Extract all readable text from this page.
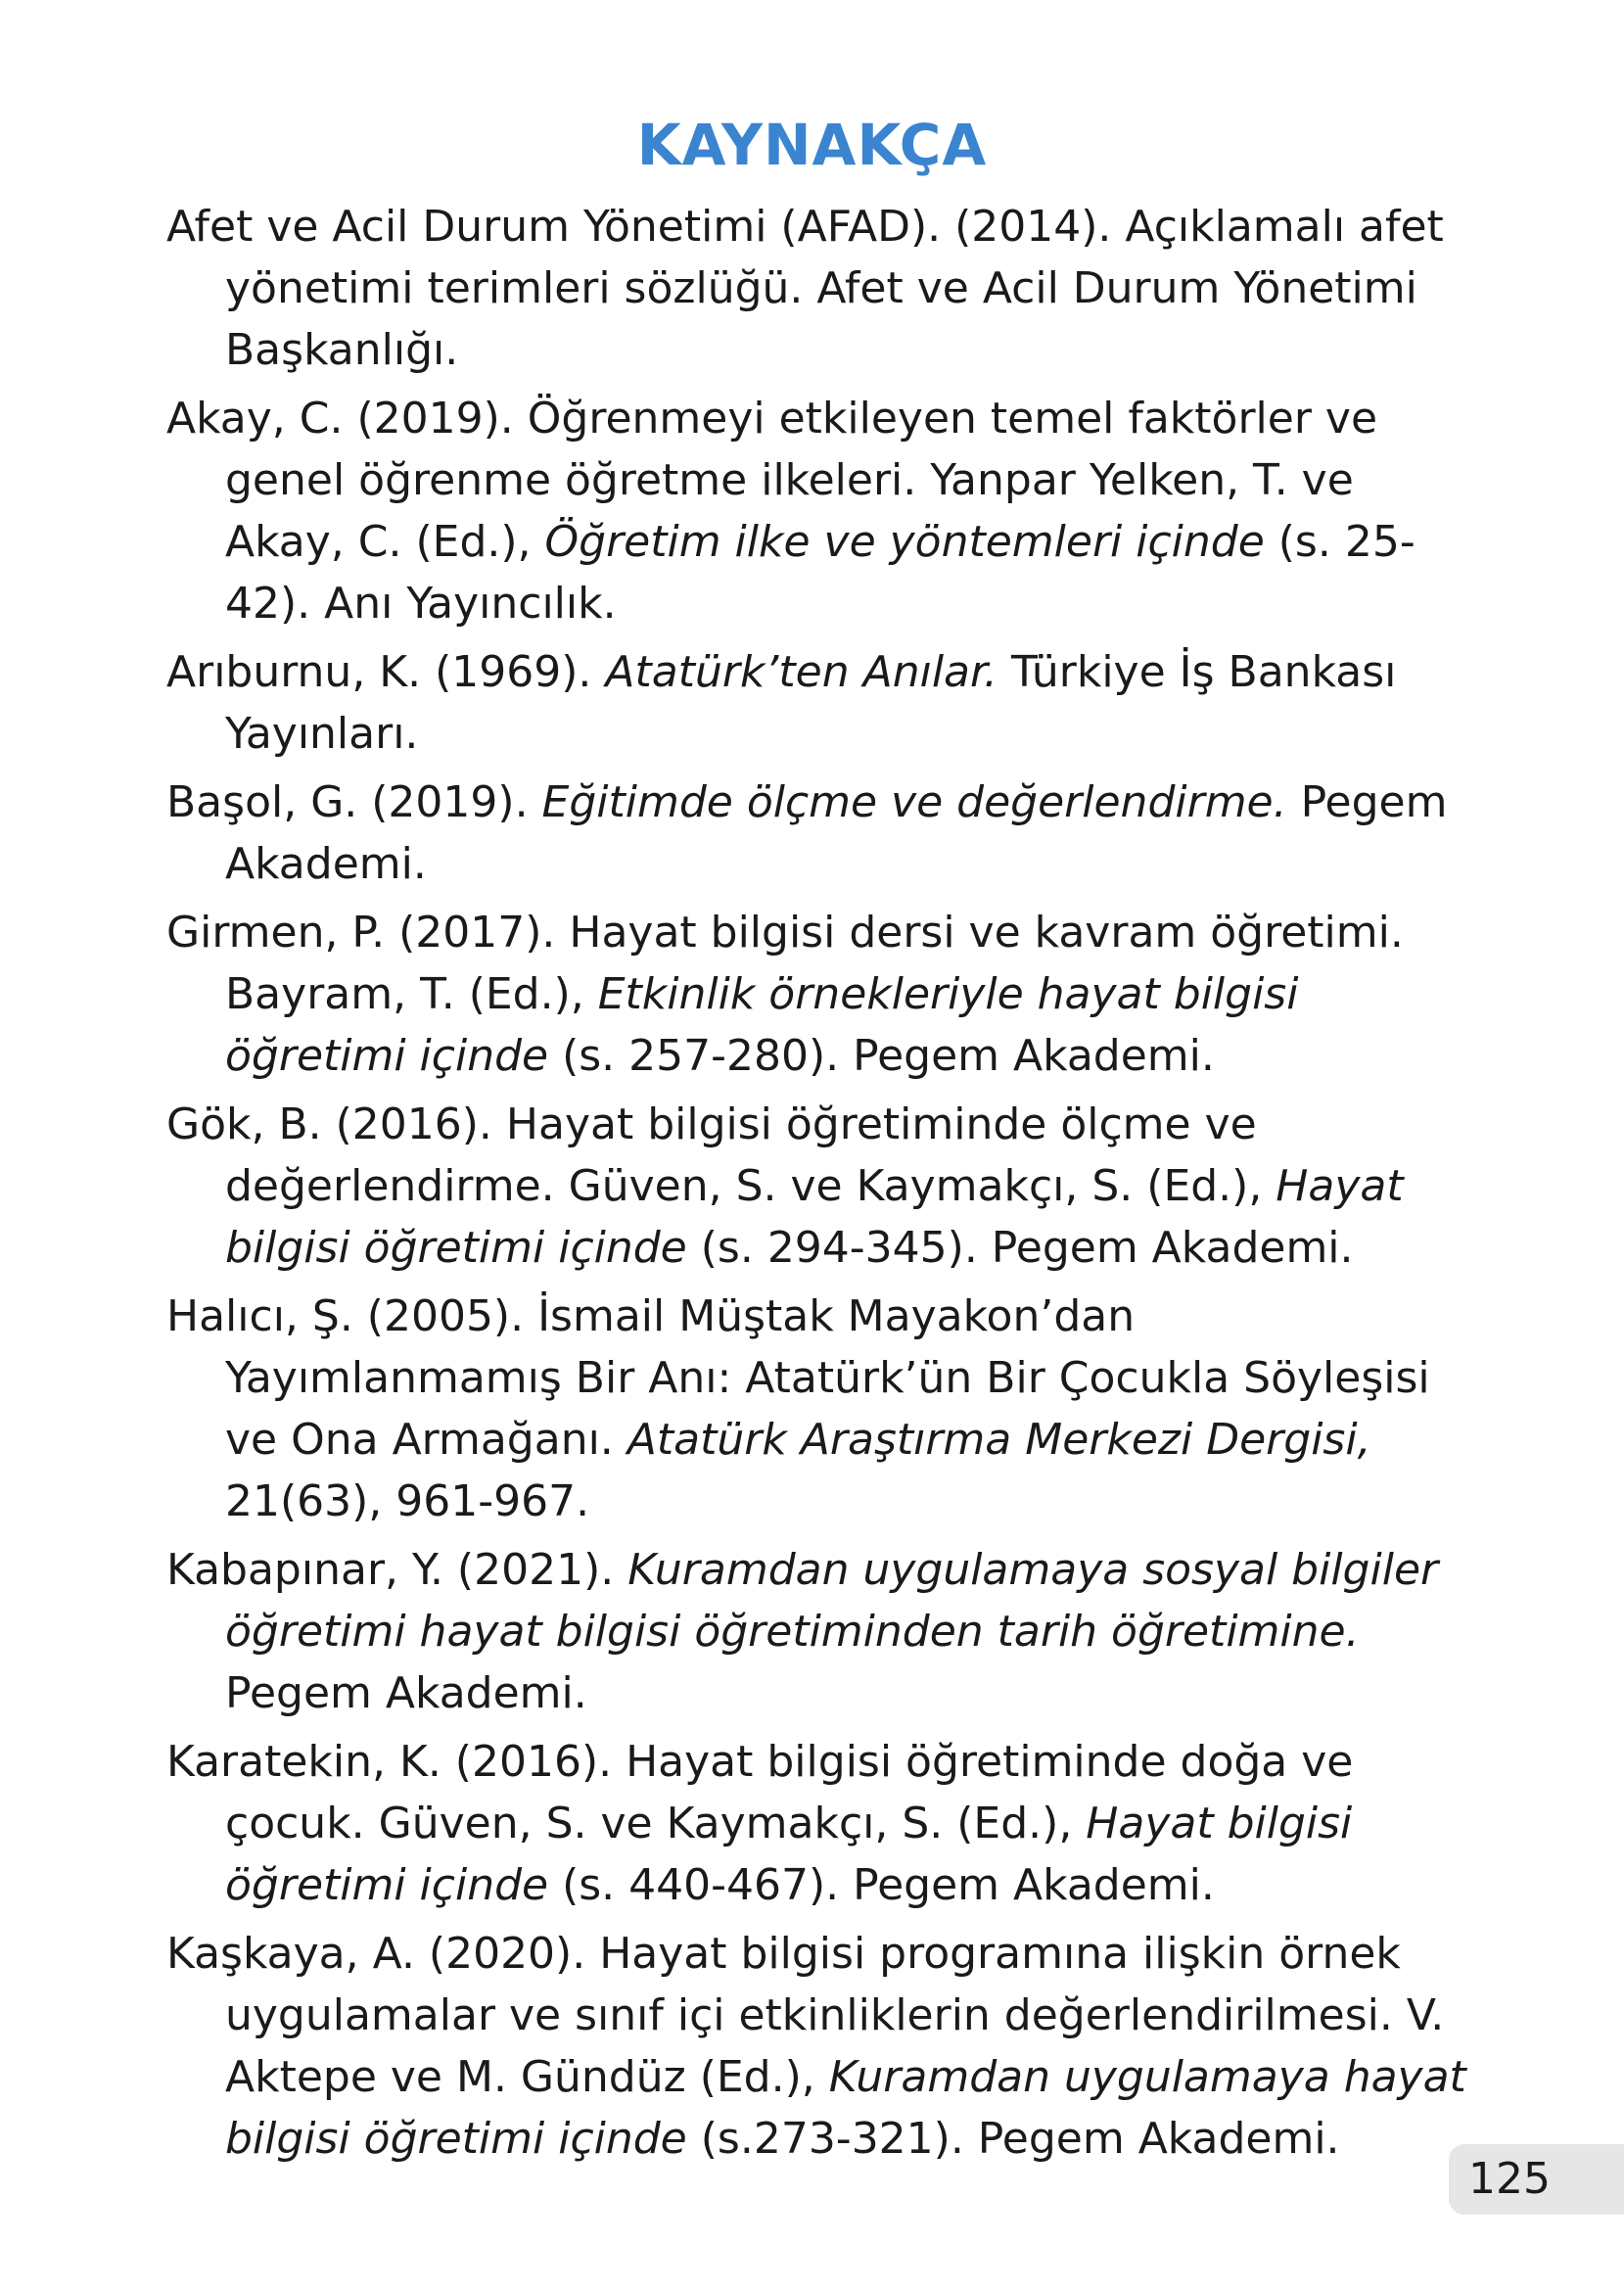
KAYNAKÇA
Afet ve Acil Durum Yönetimi (AFAD). (2014). Açıklamalı afet yönetimi terimleri sözlüğü. Afet ve Acil Durum Yönetimi Başkanlığı.
Akay, C. (2019). Öğrenmeyi etkileyen temel faktörler ve genel öğrenme öğretme ilkeleri. Yanpar Yelken, T. ve Akay, C. (Ed.), Öğretim ilke ve yöntemleri içinde (s. 25-42). Anı Yayıncılık.
Arıburnu, K. (1969). Atatürk’ten Anılar. Türkiye İş Bankası Yayınları.
Başol, G. (2019). Eğitimde ölçme ve değerlendirme. Pegem Akademi.
Girmen, P. (2017). Hayat bilgisi dersi ve kavram öğretimi. Bayram, T. (Ed.), Etkinlik örnekleriyle hayat bilgisi öğretimi içinde (s. 257-280). Pegem Akademi.
Gök, B. (2016). Hayat bilgisi öğretiminde ölçme ve değerlendirme. Güven, S. ve Kaymakçı, S. (Ed.), Hayat bilgisi öğretimi içinde (s. 294-345). Pegem Akademi.
Halıcı, Ş. (2005). İsmail Müştak Mayakon’dan Yayımlanmamış Bir Anı: Atatürk’ün Bir Çocukla Söyleşisi ve Ona Armağanı. Atatürk Araştırma Merkezi Dergisi, 21(63), 961-967.
Kabapınar, Y. (2021). Kuramdan uygulamaya sosyal bilgiler öğretimi hayat bilgisi öğretiminden tarih öğretimine. Pegem Akademi.
Karatekin, K. (2016). Hayat bilgisi öğretiminde doğa ve çocuk. Güven, S. ve Kaymakçı, S. (Ed.), Hayat bilgisi öğretimi içinde (s. 440-467). Pegem Akademi.
Kaşkaya, A. (2020). Hayat bilgisi programına ilişkin örnek uygulamalar ve sınıf içi etkinliklerin değerlendirilmesi. V. Aktepe ve M. Gündüz (Ed.), Kuramdan uygulamaya hayat bilgisi öğretimi içinde (s.273-321). Pegem Akademi.
125
